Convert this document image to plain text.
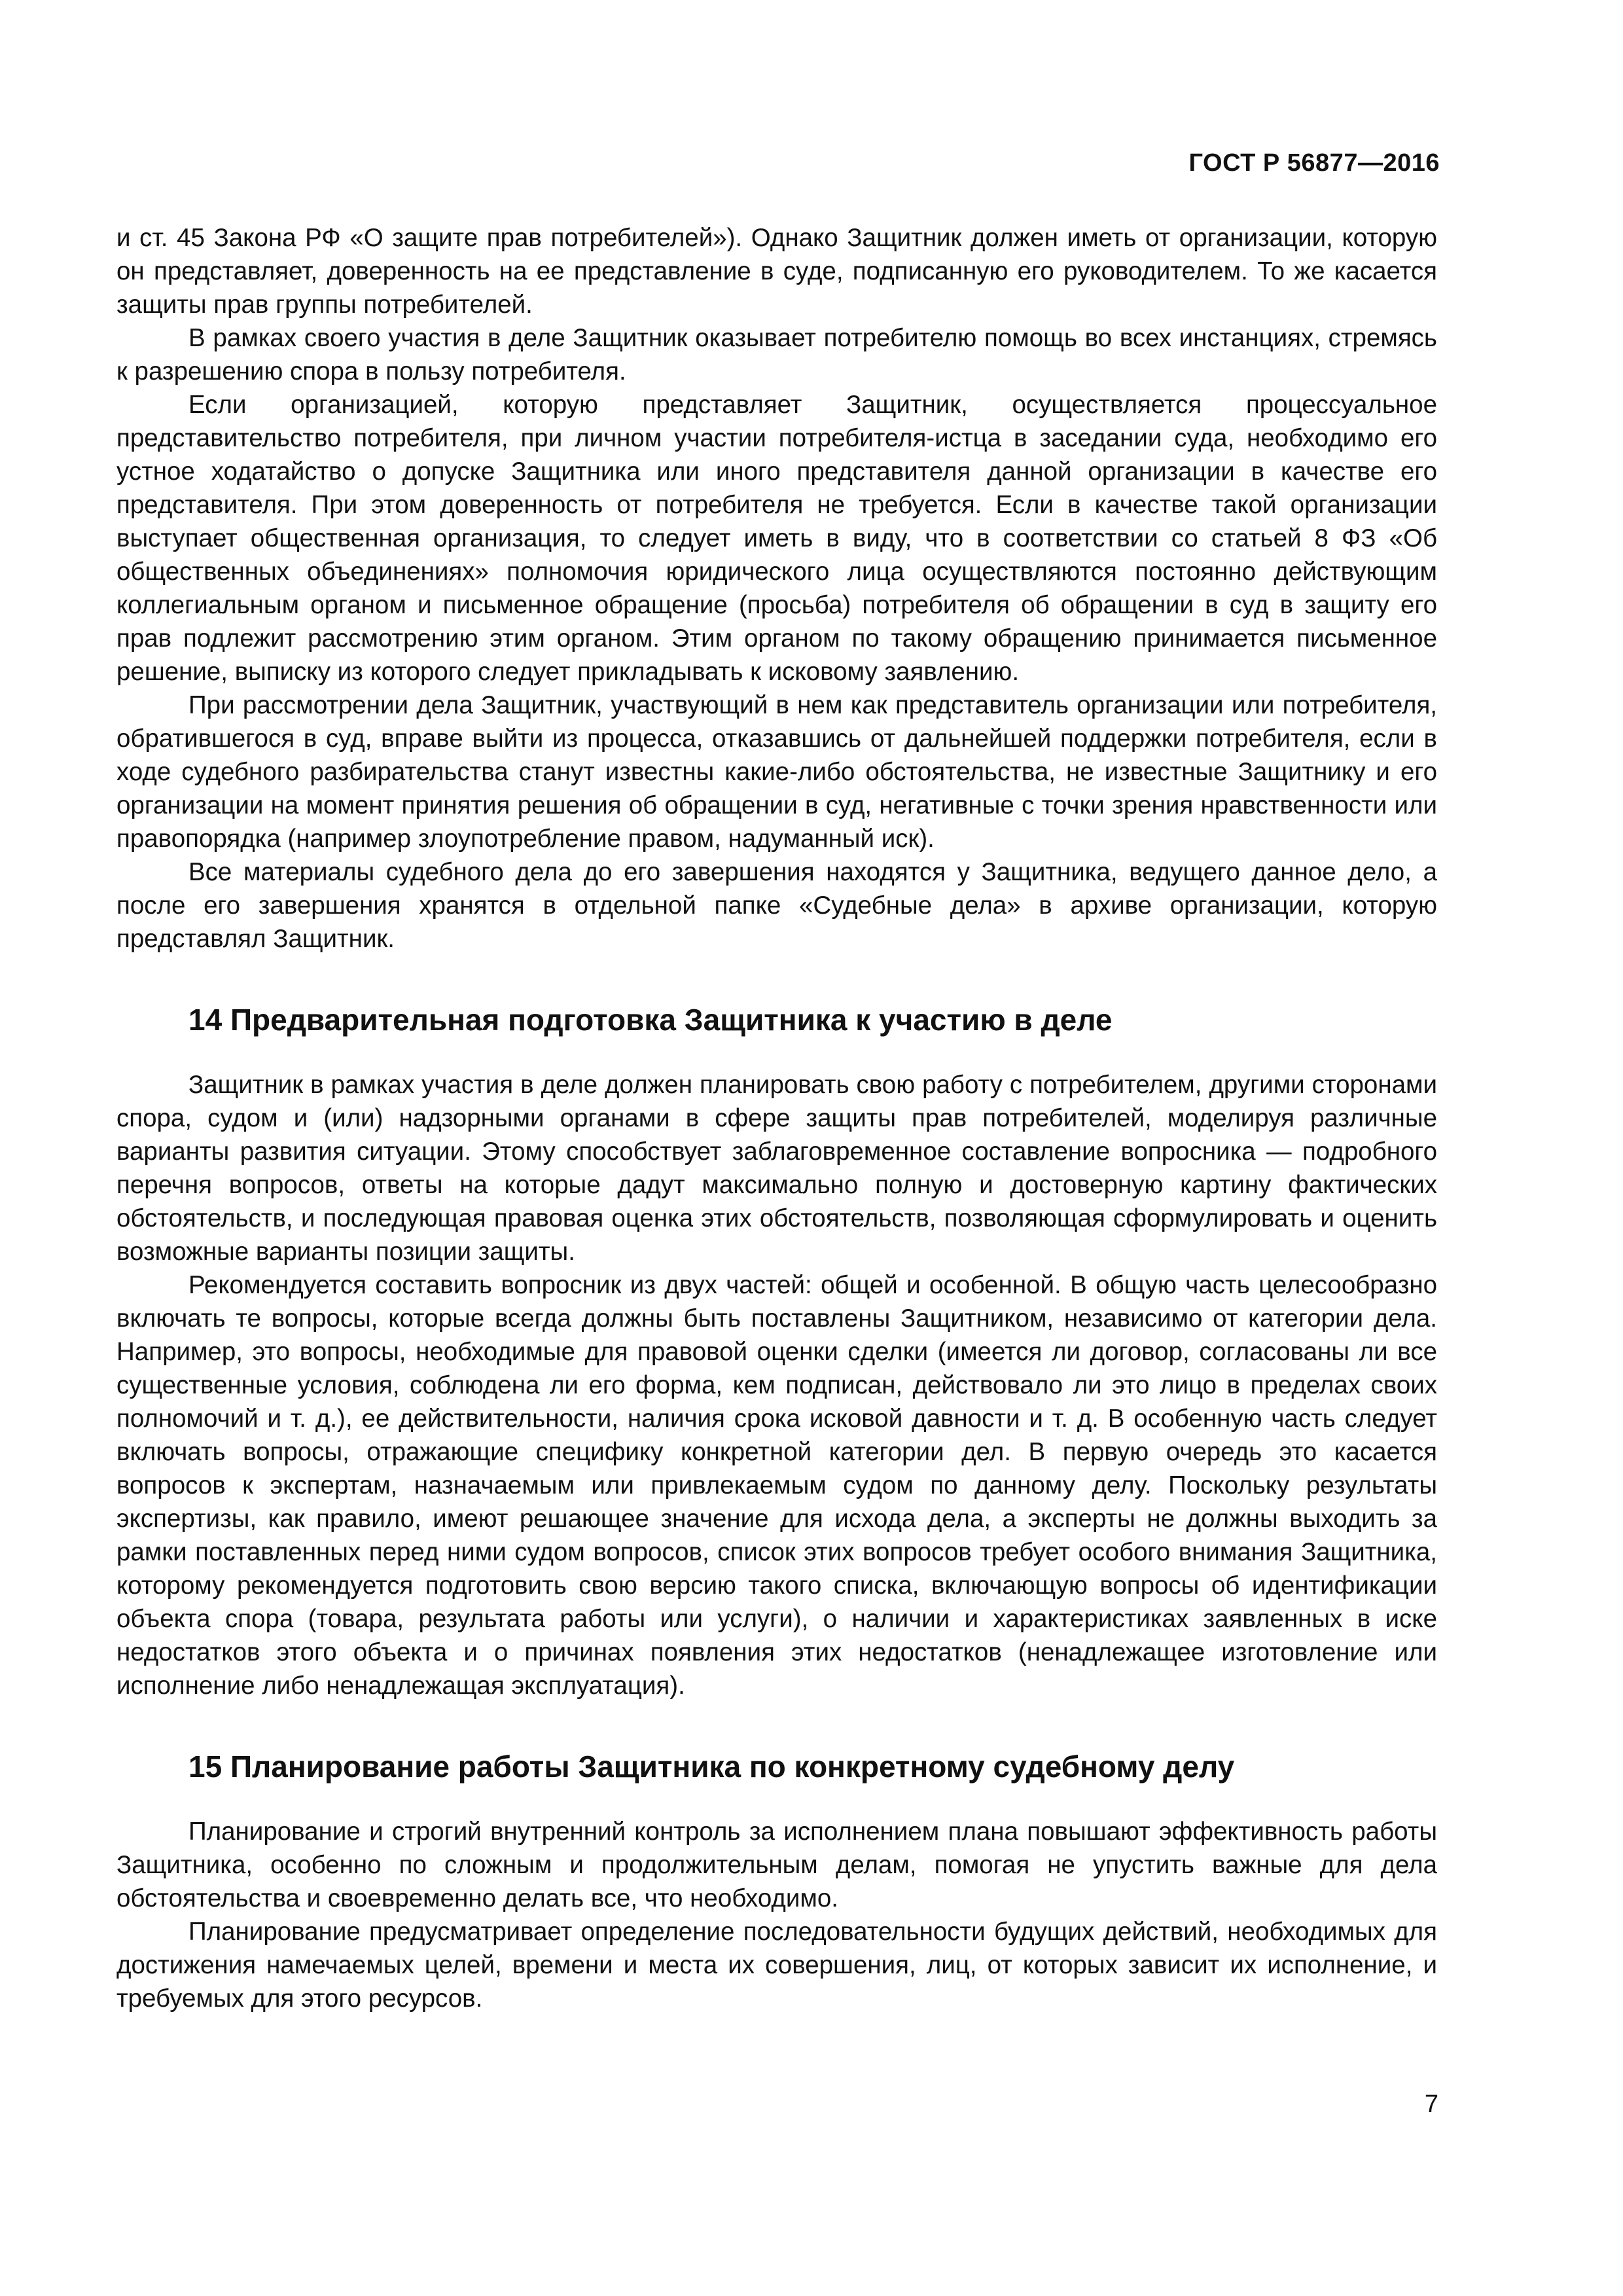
ГОСТ Р 56877—2016

и ст. 45 Закона РФ «О защите прав потребителей»). Однако Защитник должен иметь от организации, которую он представляет, доверенность на ее представление в суде, подписанную его руководителем. То же касается защиты прав группы потребителей.

В рамках своего участия в деле Защитник оказывает потребителю помощь во всех инстанциях, стремясь к разрешению спора в пользу потребителя.

Если организацией, которую представляет Защитник, осуществляется процессуальное представительство потребителя, при личном участии потребителя-истца в заседании суда, необходимо его устное ходатайство о допуске Защитника или иного представителя данной организации в качестве его представителя. При этом доверенность от потребителя не требуется. Если в качестве такой организации выступает общественная организация, то следует иметь в виду, что в соответствии со статьей 8 ФЗ «Об общественных объединениях» полномочия юридического лица осуществляются постоянно действующим коллегиальным органом и письменное обращение (просьба) потребителя об обращении в суд в защиту его прав подлежит рассмотрению этим органом. Этим органом по такому обращению принимается письменное решение, выписку из которого следует прикладывать к исковому заявлению.

При рассмотрении дела Защитник, участвующий в нем как представитель организации или потребителя, обратившегося в суд, вправе выйти из процесса, отказавшись от дальнейшей поддержки потребителя, если в ходе судебного разбирательства станут известны какие-либо обстоятельства, не известные Защитнику и его организации на момент принятия решения об обращении в суд, негативные с точки зрения нравственности или правопорядка (например злоупотребление правом, надуманный иск).

Все материалы судебного дела до его завершения находятся у Защитника, ведущего данное дело, а после его завершения хранятся в отдельной папке «Судебные дела» в архиве организации, которую представлял Защитник.

14 Предварительная подготовка Защитника к участию в деле

Защитник в рамках участия в деле должен планировать свою работу с потребителем, другими сторонами спора, судом и (или) надзорными органами в сфере защиты прав потребителей, моделируя различные варианты развития ситуации. Этому способствует заблаговременное составление вопросника — подробного перечня вопросов, ответы на которые дадут максимально полную и достоверную картину фактических обстоятельств, и последующая правовая оценка этих обстоятельств, позволяющая сформулировать и оценить возможные варианты позиции защиты.

Рекомендуется составить вопросник из двух частей: общей и особенной. В общую часть целесообразно включать те вопросы, которые всегда должны быть поставлены Защитником, независимо от категории дела. Например, это вопросы, необходимые для правовой оценки сделки (имеется ли договор, согласованы ли все существенные условия, соблюдена ли его форма, кем подписан, действовало ли это лицо в пределах своих полномочий и т. д.), ее действительности, наличия срока исковой давности и т. д. В особенную часть следует включать вопросы, отражающие специфику конкретной категории дел. В первую очередь это касается вопросов к экспертам, назначаемым или привлекаемым судом по данному делу. Поскольку результаты экспертизы, как правило, имеют решающее значение для исхода дела, а эксперты не должны выходить за рамки поставленных перед ними судом вопросов, список этих вопросов требует особого внимания Защитника, которому рекомендуется подготовить свою версию такого списка, включающую вопросы об идентификации объекта спора (товара, результата работы или услуги), о наличии и характеристиках заявленных в иске недостатков этого объекта и о причинах появления этих недостатков (ненадлежащее изготовление или исполнение либо ненадлежащая эксплуатация).

15 Планирование работы Защитника по конкретному судебному делу

Планирование и строгий внутренний контроль за исполнением плана повышают эффективность работы Защитника, особенно по сложным и продолжительным делам, помогая не упустить важные для дела обстоятельства и своевременно делать все, что необходимо.

Планирование предусматривает определение последовательности будущих действий, необходимых для достижения намечаемых целей, времени и места их совершения, лиц, от которых зависит их исполнение, и требуемых для этого ресурсов.

7
